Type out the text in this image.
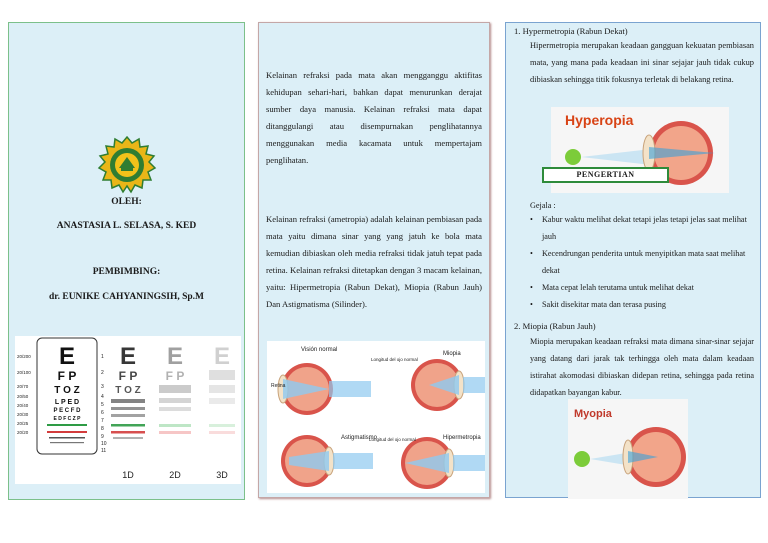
OLEH:
ANASTASIA L. SELASA, S. KED
PEMBIMBING:
dr. EUNIKE CAHYANINGSIH, Sp.M
E
F P
T O Z
L P E D
P E C F D
E D F C Z P
20/200
20/100
20/70
20/50
20/40
20/30
20/25
20/20
1
2
3
4
5
6
7
8
9
10
11
E
F P
T O Z
E
F P
E
1D	2D	3D

Kelainan refraksi pada mata akan mengganggu aktifitas kehidupan sehari-hari, bahkan dapat menurunkan derajat sumber daya manusia. Kelainan refraksi mata dapat ditanggulangi atau disempurnakan penglihatannya menggunakan media kacamata untuk mempertajam penglihatan.

Kelainan refraksi (ametropia) adalah kelainan pembiasan pada mata yaitu dimana sinar yang yang jatuh ke bola mata kemudian dibiaskan oleh media refraksi tidak jatuh tepat pada retina. Kelainan refraksi ditetapkan dengan 3 macam kelainan, yaitu: Hipermetropia (Rabun Dekat), Miopia (Rabun Jauh) Dan Astigmatisma (Silinder).

Visión normal
Retina
Miopia
Longitud del ojo normal
Astigmatismo	Hipermetropia
Longitud del ojo normal
1. Hypermetropia (Rabun Dekat)

Hipermetropia merupakan keadaan gangguan kekuatan pembiasan mata, yang mana pada keadaan ini sinar sejajar jauh tidak cukup dibiaskan sehingga titik fokusnya terletak di belakang retina.

Hyperopia
PENGERTIAN
Gejala :
• Kabur waktu melihat dekat tetapi jelas tetapi jelas saat melihat jauh
• Kecendrungan penderita untuk menyipitkan mata saat melihat dekat
• Mata cepat lelah terutama untuk melihat dekat
• Sakit disekitar mata dan terasa pusing
2. Miopia (Rabun Jauh)

Miopia merupakan keadaan refraksi mata dimana sinar-sinar sejajar yang datang dari jarak tak terhingga oleh mata dalam keadaan istirahat akomodasi dibiaskan didepan retina, sehingga pada retina didapatkan bayangan kabur.

Myopia
